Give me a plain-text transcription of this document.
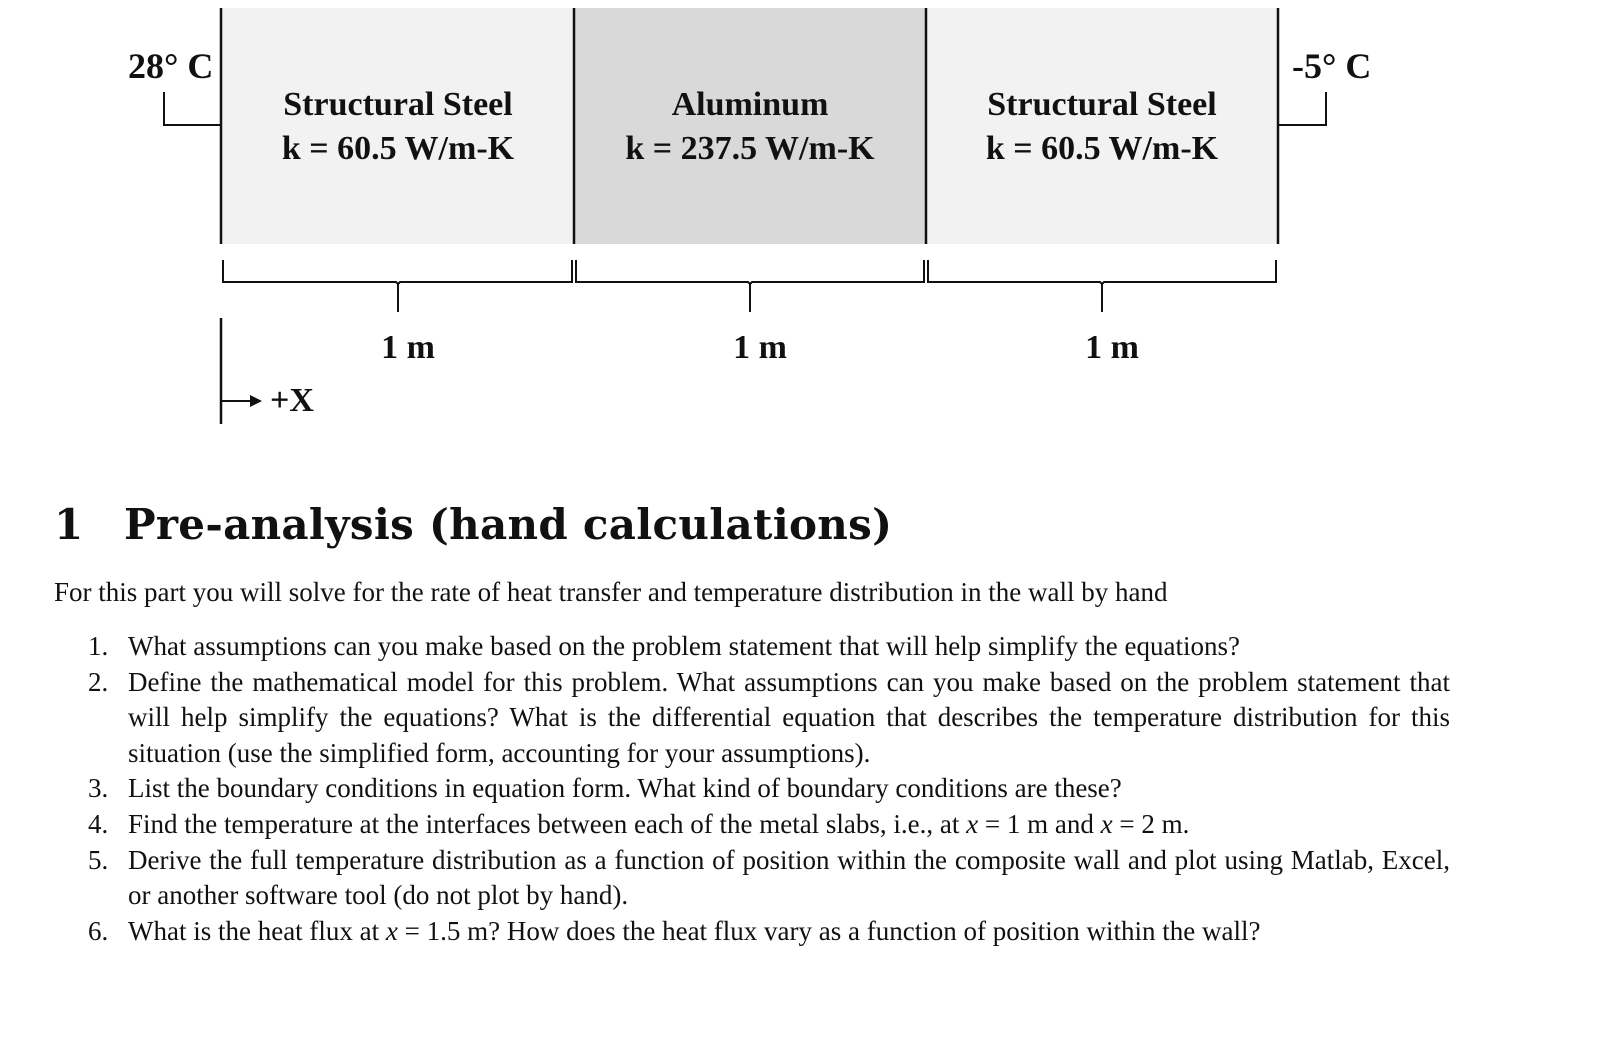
Structural Steel
k = 60.5 W/m-K
Aluminum
k = 237.5 W/m-K
Structural Steel
k = 60.5 W/m-K
28° C	-5° C
1 m	1 m	1 m
+X
1 Pre-analysis (hand calculations)

For this part you will solve for the rate of heat transfer and temperature distribution in the wall by hand

1. What assumptions can you make based on the problem statement that will help simplify the equations?
2. Define the mathematical model for this problem. What assumptions can you make based on the problem statement that will help simplify the equations? What is the differential equation that describes the temperature distribution for this situation (use the simplified form, accounting for your assumptions).
3. List the boundary conditions in equation form. What kind of boundary conditions are these?
4. Find the temperature at the interfaces between each of the metal slabs, i.e., at x = 1 m and x = 2 m.
5. Derive the full temperature distribution as a function of position within the composite wall and plot using Matlab, Excel, or another software tool (do not plot by hand).
6. What is the heat flux at x = 1.5 m? How does the heat flux vary as a function of position within the wall?
